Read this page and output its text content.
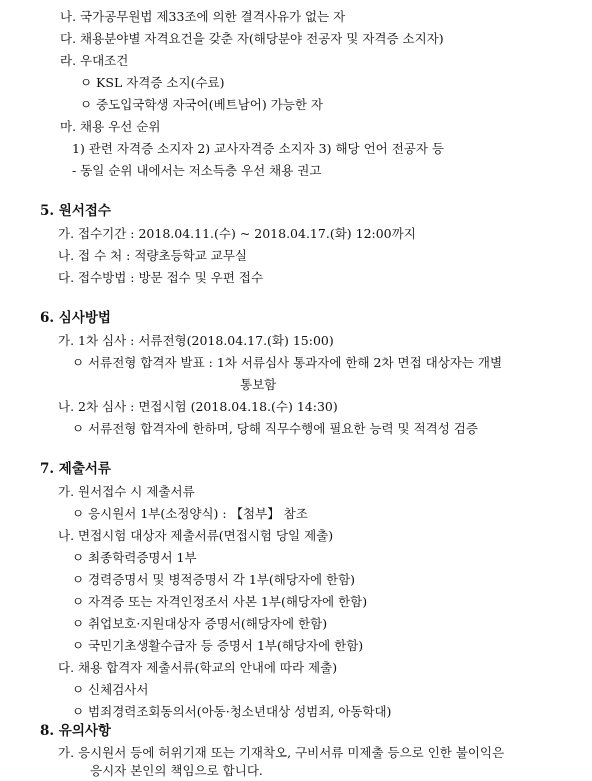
나. 국가공무원법 제33조에 의한 결격사유가 없는 자
다. 채용분야별 자격요건을 갖춘 자(해당분야 전공자 및 자격증 소지자)
라. 우대조건
ㅇ KSL 자격증 소지(수료)
ㅇ 중도입국학생 자국어(베트남어) 가능한 자
마. 채용 우선 순위
1) 관련 자격증 소지자 2) 교사자격증 소지자 3) 해당 언어 전공자 등
- 동일 순위 내에서는 저소득층 우선 채용 권고
5. 원서접수
가. 접수기간 : 2018.04.11.(수) ~ 2018.04.17.(화) 12:00까지
나. 접 수 처 : 적량초등학교 교무실
다. 접수방법 : 방문 접수 및 우편 접수
6. 심사방법
가. 1차 심사 : 서류전형(2018.04.17.(화) 15:00)
ㅇ 서류전형 합격자 발표 : 1차 서류심사 통과자에 한해 2차 면접 대상자는 개별
통보함
나. 2차 심사 : 면접시험 (2018.04.18.(수) 14:30)
ㅇ 서류전형 합격자에 한하며, 당해 직무수행에 필요한 능력 및 적격성 검증
7. 제출서류
가. 원서접수 시 제출서류
ㅇ 응시원서 1부(소정양식) : 【첨부】 참조
나. 면접시험 대상자 제출서류(면접시험 당일 제출)
ㅇ 최종학력증명서 1부
ㅇ 경력증명서 및 병적증명서 각 1부(해당자에 한함)
ㅇ 자격증 또는 자격인정조서 사본 1부(해당자에 한함)
ㅇ 취업보호·지원대상자 증명서(해당자에 한함)
ㅇ 국민기초생활수급자 등 증명서 1부(해당자에 한함)
다. 채용 합격자 제출서류(학교의 안내에 따라 제출)
ㅇ 신체검사서
ㅇ 범죄경력조회동의서(아동·청소년대상 성범죄, 아동학대)
8. 유의사항
가. 응시원서 등에 허위기재 또는 기재착오, 구비서류 미제출 등으로 인한 불이익은
응시자 본인의 책임으로 합니다.
